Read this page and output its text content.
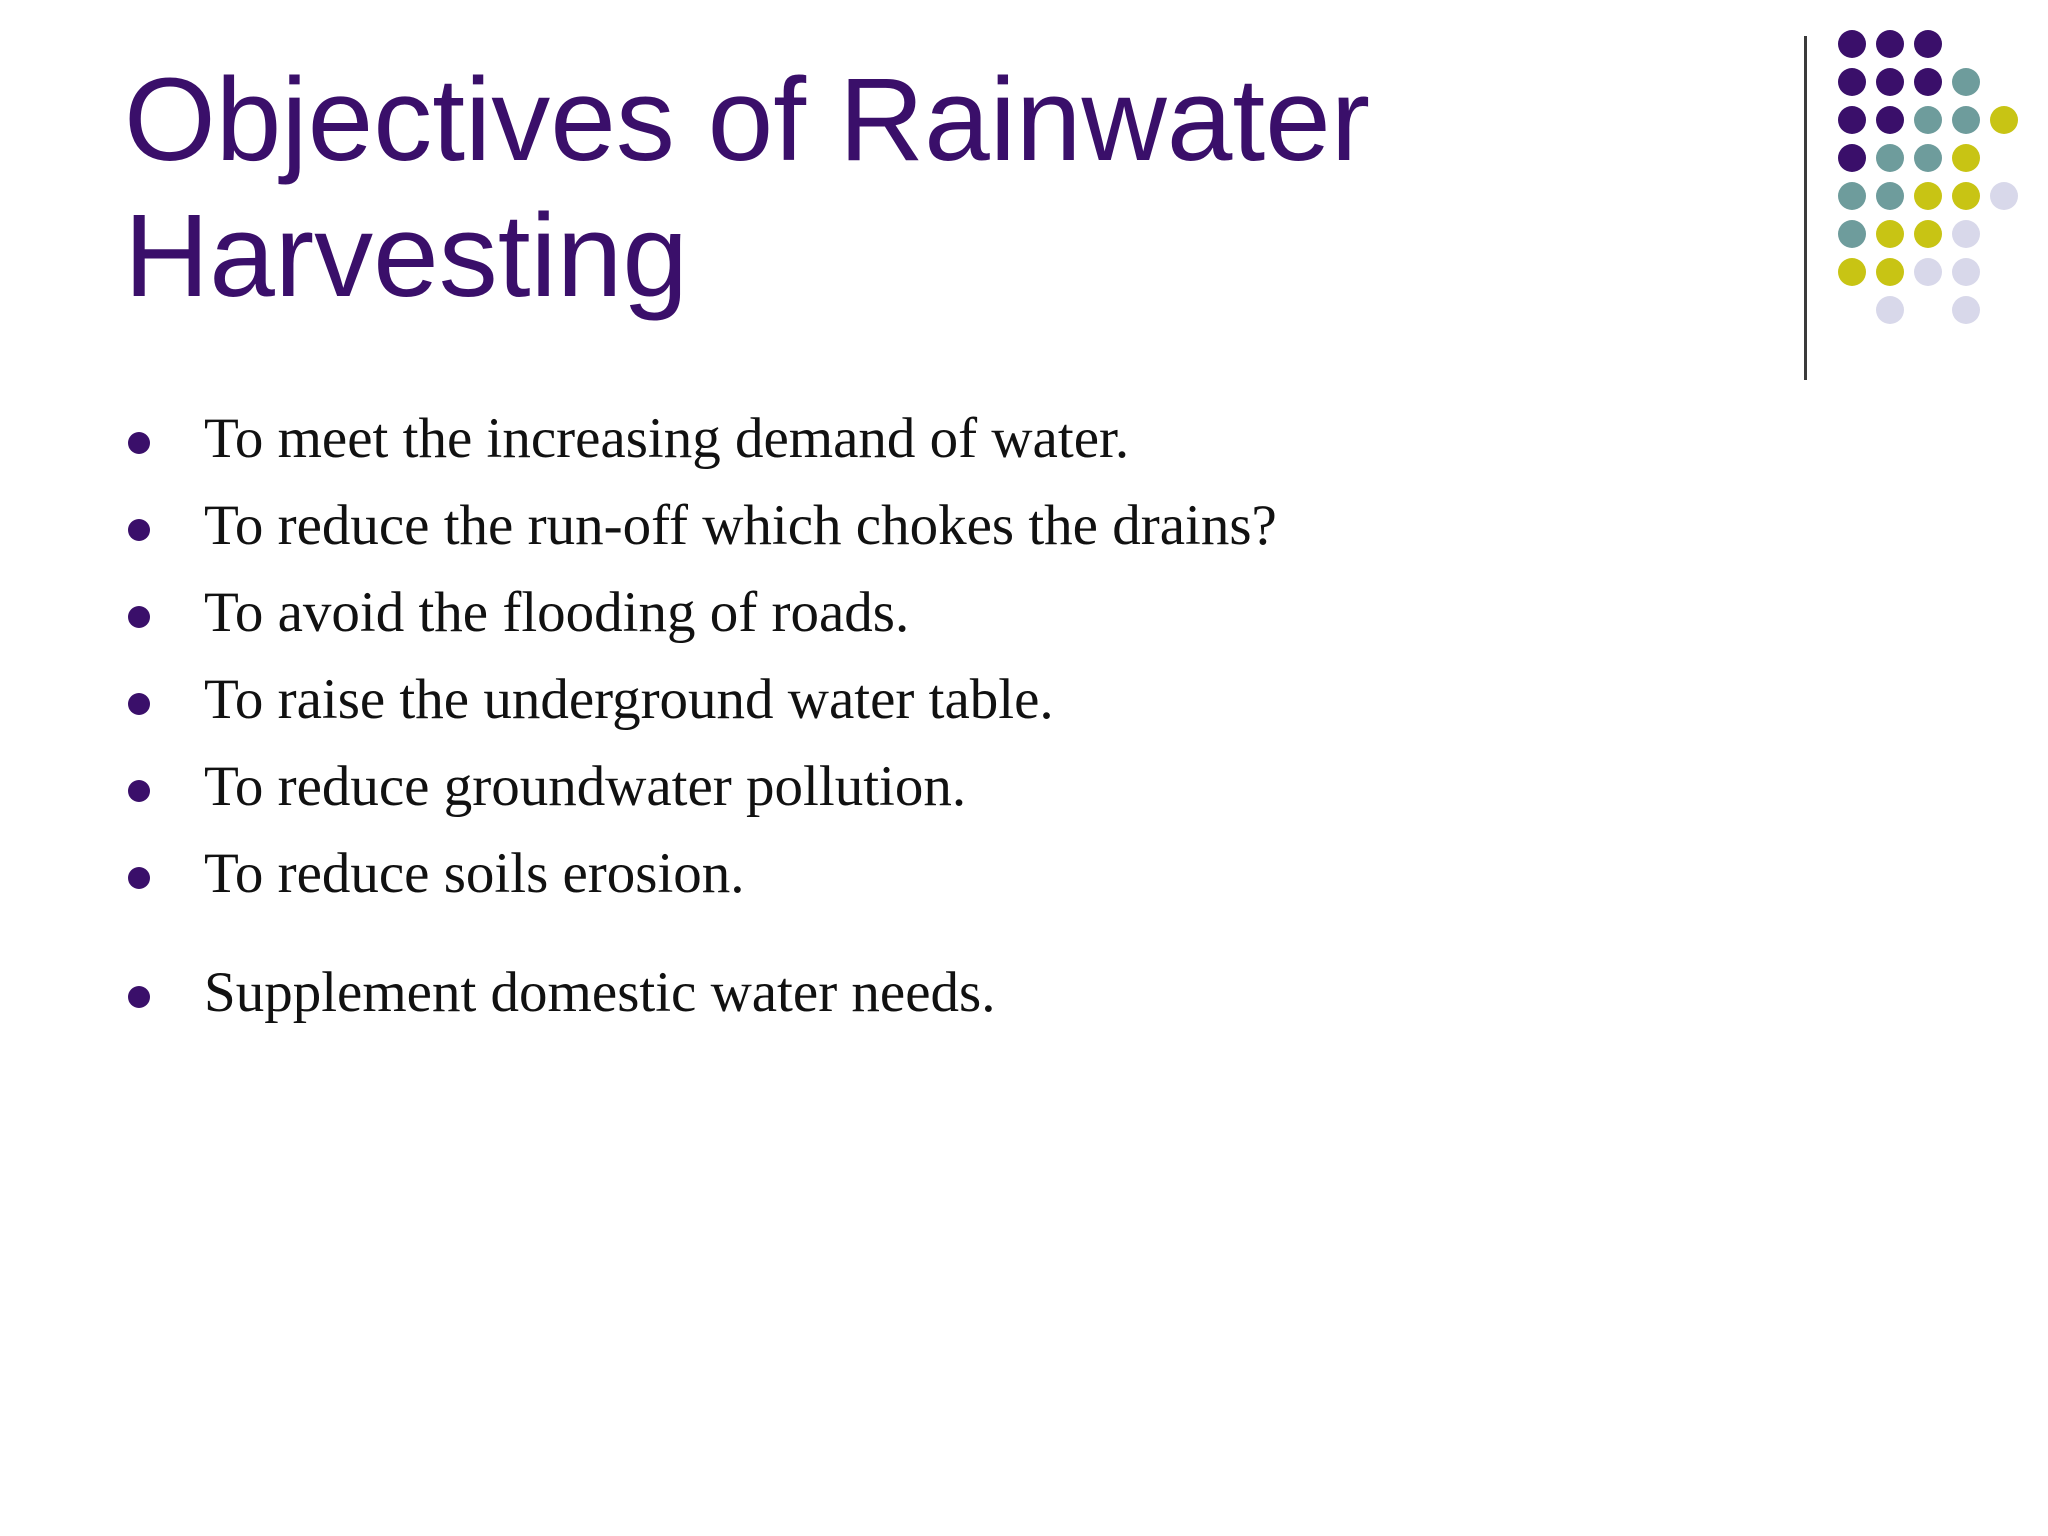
Objectives of Rainwater
Harvesting
To meet the increasing demand of water.
To reduce the run-off which chokes the drains?
To avoid the flooding of roads.
To raise the underground water table.
To reduce groundwater pollution.
To reduce soils erosion.
Supplement domestic water needs.
